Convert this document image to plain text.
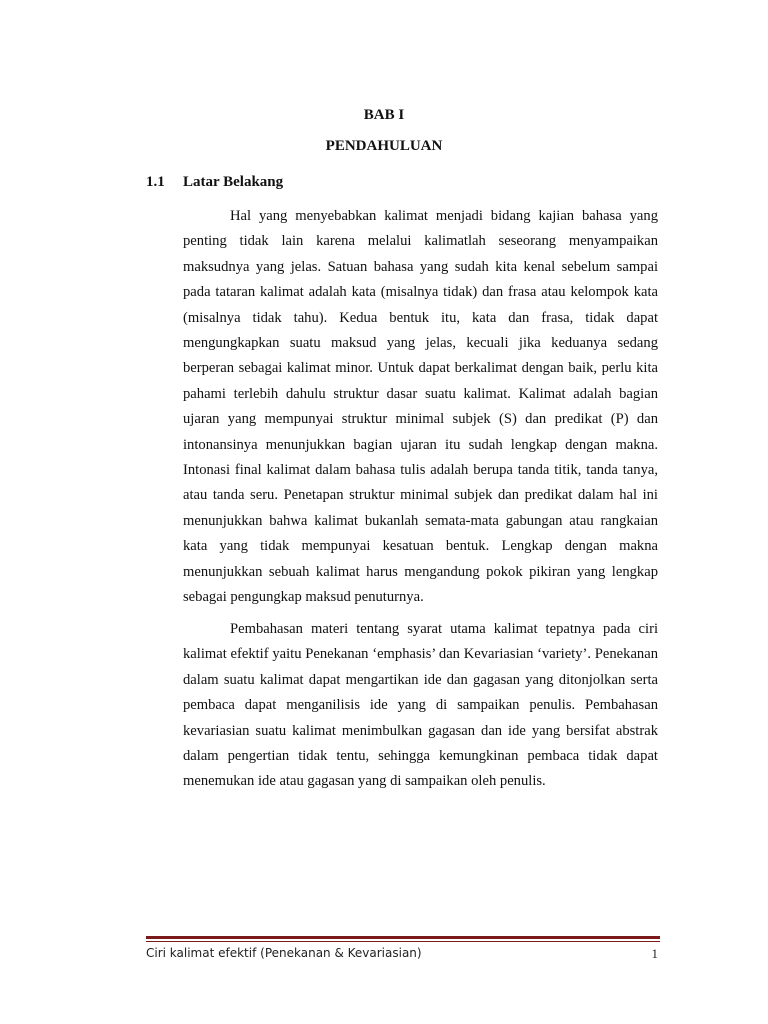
BAB I
PENDAHULUAN
1.1 Latar Belakang

Hal yang menyebabkan kalimat menjadi bidang kajian bahasa yang penting tidak lain karena melalui kalimatlah seseorang menyampaikan maksudnya yang jelas. Satuan bahasa yang sudah kita kenal sebelum sampai pada tataran kalimat adalah kata (misalnya tidak) dan frasa atau kelompok kata (misalnya tidak tahu). Kedua bentuk itu, kata dan frasa, tidak dapat mengungkapkan suatu maksud yang jelas, kecuali jika keduanya sedang berperan sebagai kalimat minor. Untuk dapat berkalimat dengan baik, perlu kita pahami terlebih dahulu struktur dasar suatu kalimat. Kalimat adalah bagian ujaran yang mempunyai struktur minimal subjek (S) dan predikat (P) dan intonansinya menunjukkan bagian ujaran itu sudah lengkap dengan makna. Intonasi final kalimat dalam bahasa tulis adalah berupa tanda titik, tanda tanya, atau tanda seru. Penetapan struktur minimal subjek dan predikat dalam hal ini menunjukkan bahwa kalimat bukanlah semata-mata gabungan atau rangkaian kata yang tidak mempunyai kesatuan bentuk. Lengkap dengan makna menunjukkan sebuah kalimat harus mengandung pokok pikiran yang lengkap sebagai pengungkap maksud penuturnya.

Pembahasan materi tentang syarat utama kalimat tepatnya pada ciri kalimat efektif yaitu Penekanan ‘emphasis’ dan Kevariasian ‘variety’. Penekanan dalam suatu kalimat dapat mengartikan ide dan gagasan yang ditonjolkan serta pembaca dapat menganilisis ide yang di sampaikan penulis. Pembahasan kevariasian suatu kalimat menimbulkan gagasan dan ide yang bersifat abstrak dalam pengertian tidak tentu, sehingga kemungkinan pembaca tidak dapat menemukan ide atau gagasan yang di sampaikan oleh penulis.

Ciri kalimat efektif (Penekanan & Kevariasian)	1
